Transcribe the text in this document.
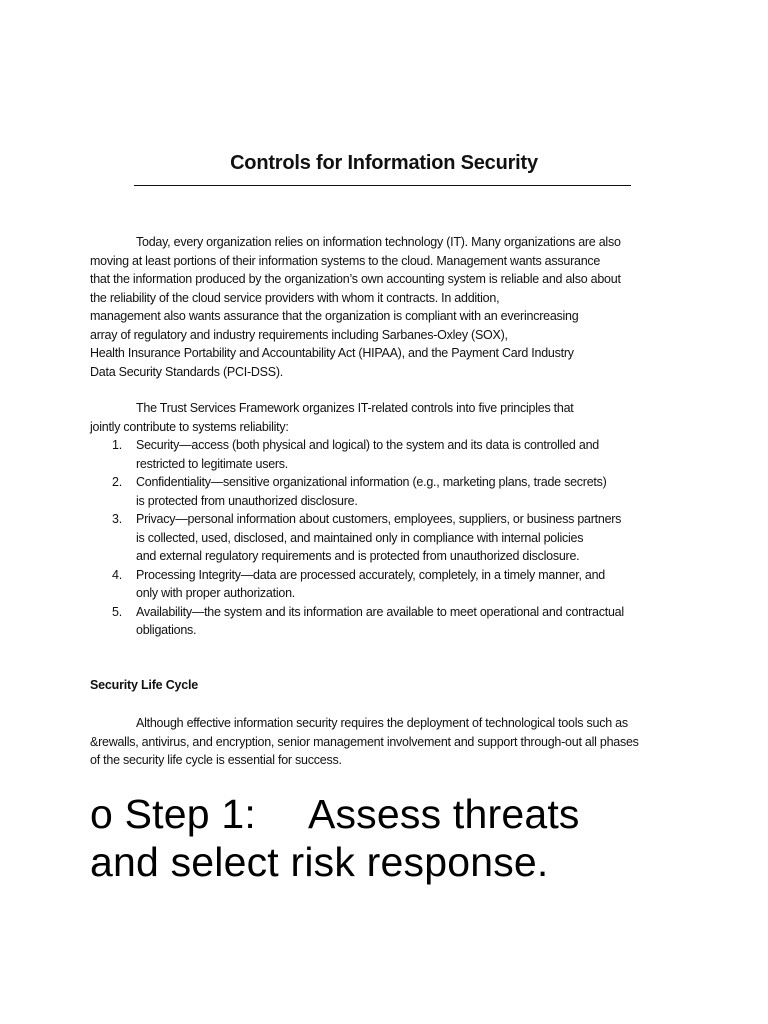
Controls for Information Security
Today, every organization relies on information technology (IT). Many organizations are also
moving at least portions of their information systems to the cloud. Management wants assurance
that the information produced by the organization’s own accounting system is reliable and also about
the reliability of the cloud service providers with whom it contracts. In addition,
management also wants assurance that the organization is compliant with an everincreasing
array of regulatory and industry requirements including Sarbanes-Oxley (SOX),
Health Insurance Portability and Accountability Act (HIPAA), and the Payment Card Industry
Data Security Standards (PCI-DSS).
The Trust Services Framework organizes IT-related controls into five principles that
jointly contribute to systems reliability:
1. Security—access (both physical and logical) to the system and its data is controlled and
restricted to legitimate users.
2. Confidentiality—sensitive organizational information (e.g., marketing plans, trade secrets)
is protected from unauthorized disclosure.
3. Privacy—personal information about customers, employees, suppliers, or business partners
is collected, used, disclosed, and maintained only in compliance with internal policies
and external regulatory requirements and is protected from unauthorized disclosure.
4. Processing Integrity—data are processed accurately, completely, in a timely manner, and
only with proper authorization.
5. Availability—the system and its information are available to meet operational and contractual
obligations.
Security Life Cycle
Although effective information security requires the deployment of technological tools such as
&rewalls, antivirus, and encryption, senior management involvement and support through-out all phases
of the security life cycle is essential for success.
o Step 1: Assess threats
and select risk response.
